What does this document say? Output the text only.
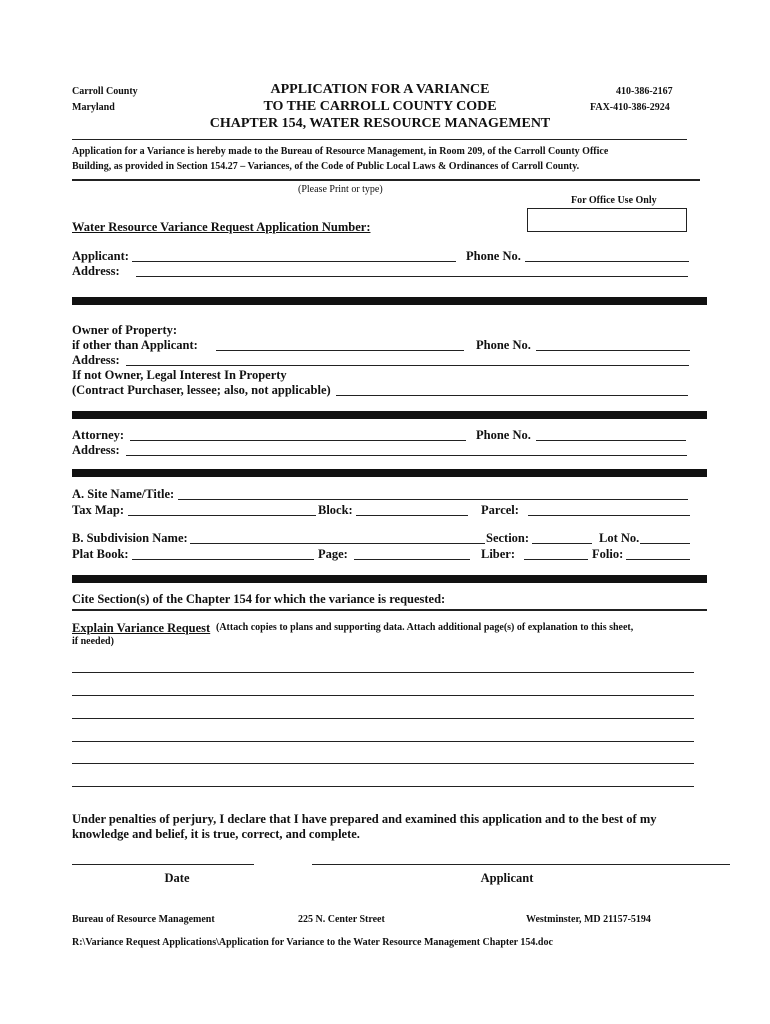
Carroll County
Maryland
APPLICATION FOR A VARIANCE
TO THE CARROLL COUNTY CODE
CHAPTER 154, WATER RESOURCE MANAGEMENT
410-386-2167
FAX-410-386-2924
Application for a Variance is hereby made to the Bureau of Resource Management, in Room 209, of the Carroll County Office
Building, as provided in Section 154.27 – Variances, of the Code of Public Local Laws & Ordinances of Carroll County.
(Please Print or type)
For Office Use Only
Water Resource Variance Request Application Number:
Applicant:	Phone No.
Address:
Owner of Property:
if other than Applicant:	Phone No.
Address:
If not Owner, Legal Interest In Property
(Contract Purchaser, lessee; also, not applicable)
Attorney:	Phone No.
Address:
A. Site Name/Title:
Tax Map:	Block:	Parcel:
B. Subdivision Name:	Section:	Lot No.
Plat Book:	Page:	Liber:	Folio:
Cite Section(s) of the Chapter 154 for which the variance is requested:
Explain Variance Request (Attach copies to plans and supporting data. Attach additional page(s) of explanation to this sheet,
if needed)
Under penalties of perjury, I declare that I have prepared and examined this application and to the best of my
knowledge and belief, it is true, correct, and complete.
Date	Applicant
Bureau of Resource Management	225 N. Center Street	Westminster, MD 21157-5194
R:\Variance Request Applications\Application for Variance to the Water Resource Management Chapter 154.doc
